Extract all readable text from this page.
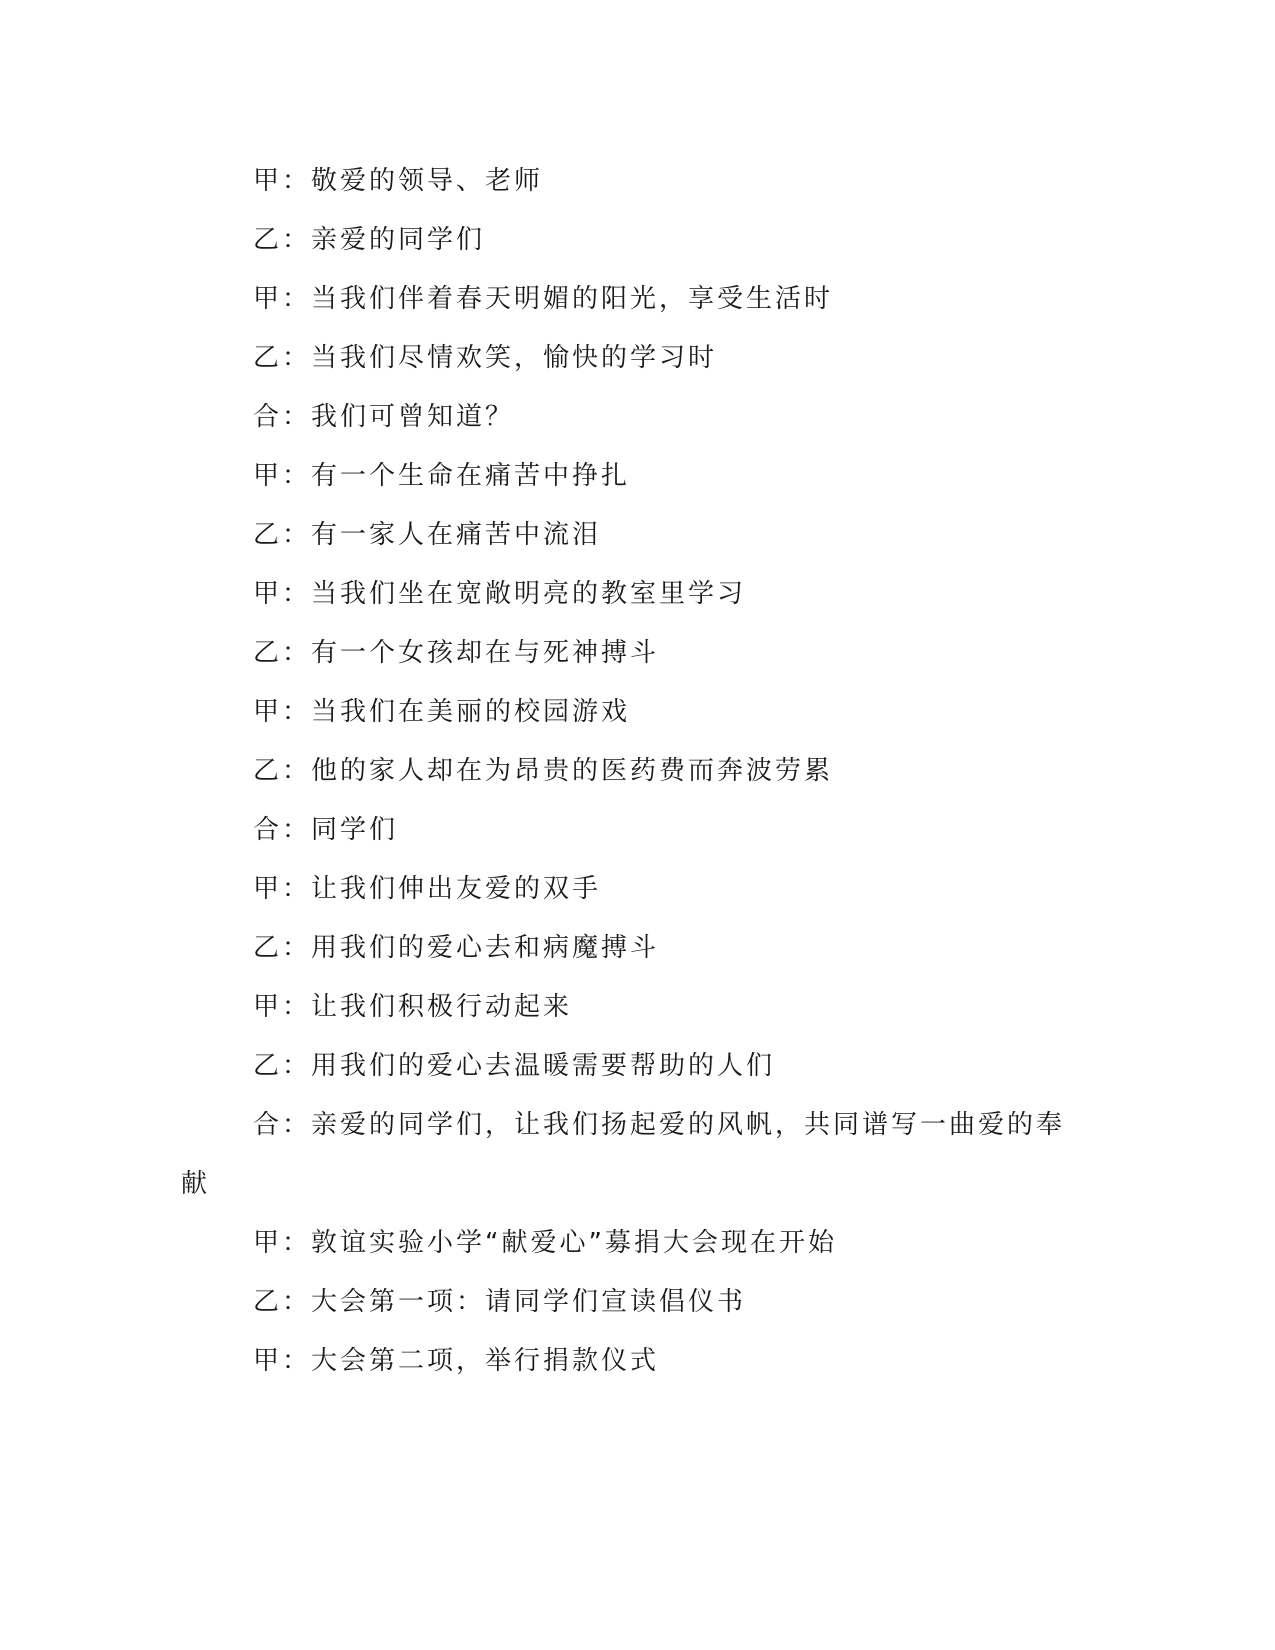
甲：敬爱的领导、老师
乙：亲爱的同学们
甲：当我们伴着春天明媚的阳光，享受生活时
乙：当我们尽情欢笑，愉快的学习时
合：我们可曾知道？
甲：有一个生命在痛苦中挣扎
乙：有一家人在痛苦中流泪
甲：当我们坐在宽敞明亮的教室里学习
乙：有一个女孩却在与死神搏斗
甲：当我们在美丽的校园游戏
乙：他的家人却在为昂贵的医药费而奔波劳累
合：同学们
甲：让我们伸出友爱的双手
乙：用我们的爱心去和病魔搏斗
甲：让我们积极行动起来
乙：用我们的爱心去温暖需要帮助的人们
合：亲爱的同学们，让我们扬起爱的风帆，共同谱写一曲爱的奉
献
甲：敦谊实验小学“献爱心”募捐大会现在开始
乙：大会第一项：请同学们宣读倡仪书
甲：大会第二项，举行捐款仪式
